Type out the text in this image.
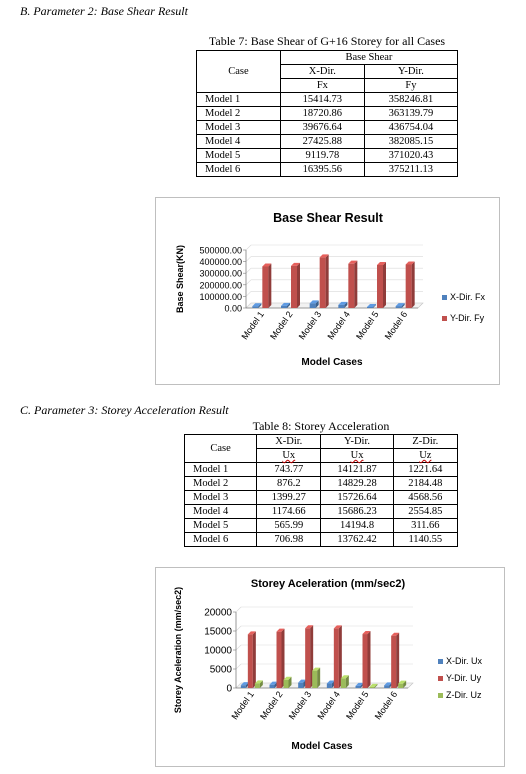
B. Parameter 2: Base Shear Result
Table 7: Base Shear of G+16 Storey for all Cases
Case	Base Shear	
	X-Dir.	Y-Dir.
	Fx	Fy
Model 1	15414.73	358246.81
Model 2	18720.86	363139.79
Model 3	39676.64	436754.04
Model 4	27425.88	382085.15
Model 5	9119.78	371020.43
Model 6	16395.56	375211.13
Base Shear Result
Base Shear(KN)
Model Cases
500000.00
400000.00
300000.00
200000.00
100000.00
0.00
Model 1 Model 2 Model 3 Model 4 Model 5 Model 6
X-Dir. Fx
Y-Dir. Fy
C. Parameter 3: Storey Acceleration Result
Table 8: Storey Acceleration
Case	X-Dir.	Y-Dir.	Z-Dir.
	Ux	Ux	Uz
Model 1	743.77	14121.87	1221.64
Model 2	876.2	14829.28	2184.48
Model 3	1399.27	15726.64	4568.56
Model 4	1174.66	15686.23	2554.85
Model 5	565.99	14194.8	311.66
Model 6	706.98	13762.42	1140.55
Storey Aceleration (mm/sec2)
Storey Aceleration (mm/sec2)
Model Cases
20000
15000
10000
5000
0
Model 1 Model 2 Model 3 Model 4 Model 5 Model 6
X-Dir. Ux
Y-Dir. Uy
Z-Dir. Uz
